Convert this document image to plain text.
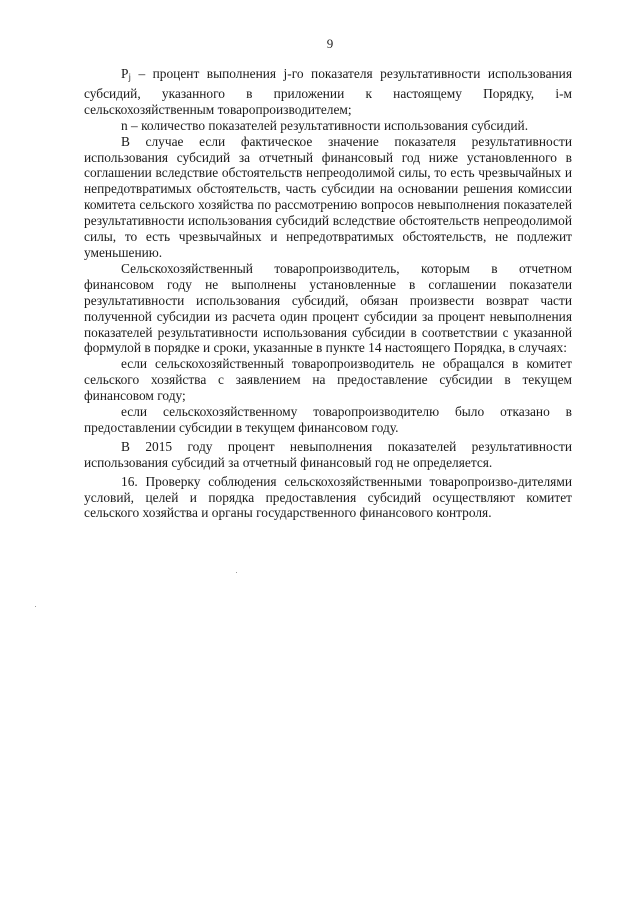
9

$P_j$ – процент выполнения j-го показателя результативности использования субсидий, указанного в приложении к настоящему Порядку, i-м сельскохозяйственным товаропроизводителем;

n – количество показателей результативности использования субсидий.

В случае если фактическое значение показателя результативности использования субсидий за отчетный финансовый год ниже установленного в соглашении вследствие обстоятельств непреодолимой силы, то есть чрезвычайных и непредотвратимых обстоятельств, часть субсидии на основании решения комиссии комитета сельского хозяйства по рассмотрению вопросов невыполнения показателей результативности использования субсидий вследствие обстоятельств непреодолимой силы, то есть чрезвычайных и непредотвратимых обстоятельств, не подлежит уменьшению.

Сельскохозяйственный товаропроизводитель, которым в отчетном финансовом году не выполнены установленные в соглашении показатели результативности использования субсидий, обязан произвести возврат части полученной субсидии из расчета один процент субсидии за процент невыполнения показателей результативности использования субсидии в соответствии с указанной формулой в порядке и сроки, указанные в пункте 14 настоящего Порядка, в случаях:

если сельскохозяйственный товаропроизводитель не обращался в комитет сельского хозяйства с заявлением на предоставление субсидии в текущем финансовом году;

если сельскохозяйственному товаропроизводителю было отказано в предоставлении субсидии в текущем финансовом году.

В 2015 году процент невыполнения показателей результативности использования субсидий за отчетный финансовый год не определяется.

16. Проверку соблюдения сельскохозяйственными товаропроизво-дителями условий, целей и порядка предоставления субсидий осуществляют комитет сельского хозяйства и органы государственного финансового контроля.
